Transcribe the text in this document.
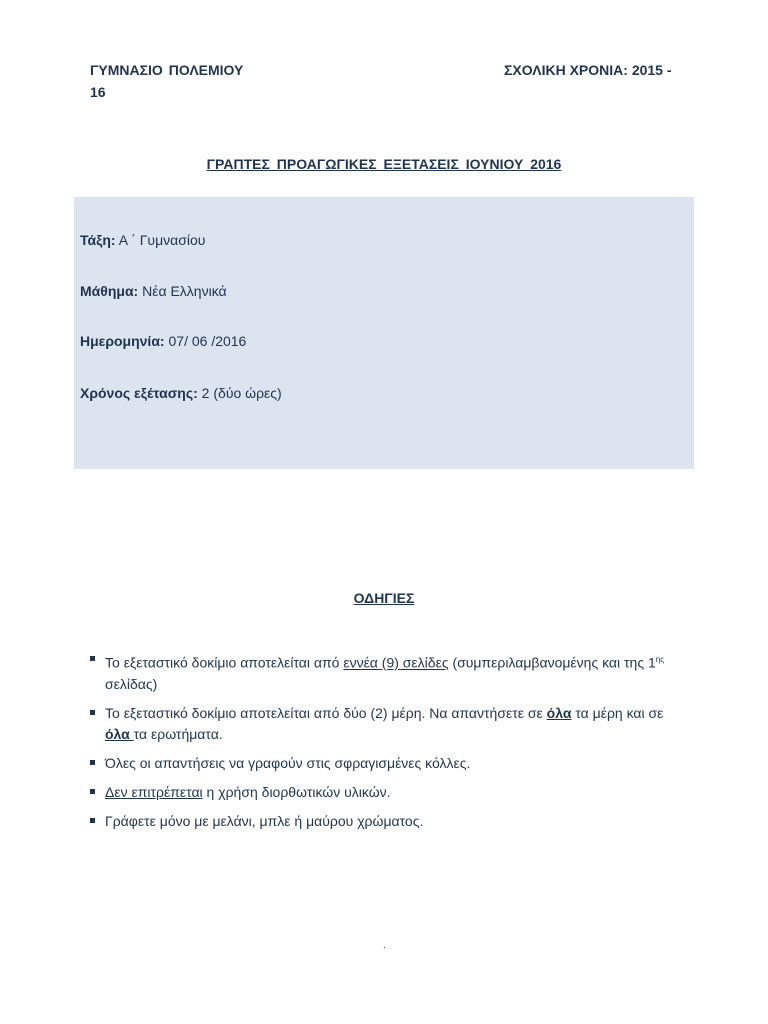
ΓΥΜΝΑΣΙΟ ΠΟΛΕΜΙΟΥ
16
ΣΧΟΛΙΚΗ ΧΡΟΝΙΑ: 2015 -
ΓΡΑΠΤΕΣ ΠΡΟΑΓΩΓΙΚΕΣ ΕΞΕΤΑΣΕΙΣ ΙΟΥΝΙΟΥ 2016
Τάξη: Α ΄ Γυμνασίου
Μάθημα: Νέα Ελληνικά
Ημερομηνία: 07/ 06 /2016
Χρόνος εξέτασης: 2 (δύο ώρες)
ΟΔΗΓΙΕΣ
Το εξεταστικό δοκίμιο αποτελείται από εννέα (9) σελίδες (συμπεριλαμβανομένης και της $1^{\eta\varsigma}$
σελίδας)
Το εξεταστικό δοκίμιο αποτελείται από δύο (2) μέρη. Να απαντήσετε σε όλα τα μέρη και σε
όλα τα ερωτήματα.
Όλες οι απαντήσεις να γραφούν στις σφραγισμένες κόλλες.
Δεν επιτρέπεται η χρήση διορθωτικών υλικών.
Γράφετε μόνο με μελάνι, μπλε ή μαύρου χρώματος.
.
